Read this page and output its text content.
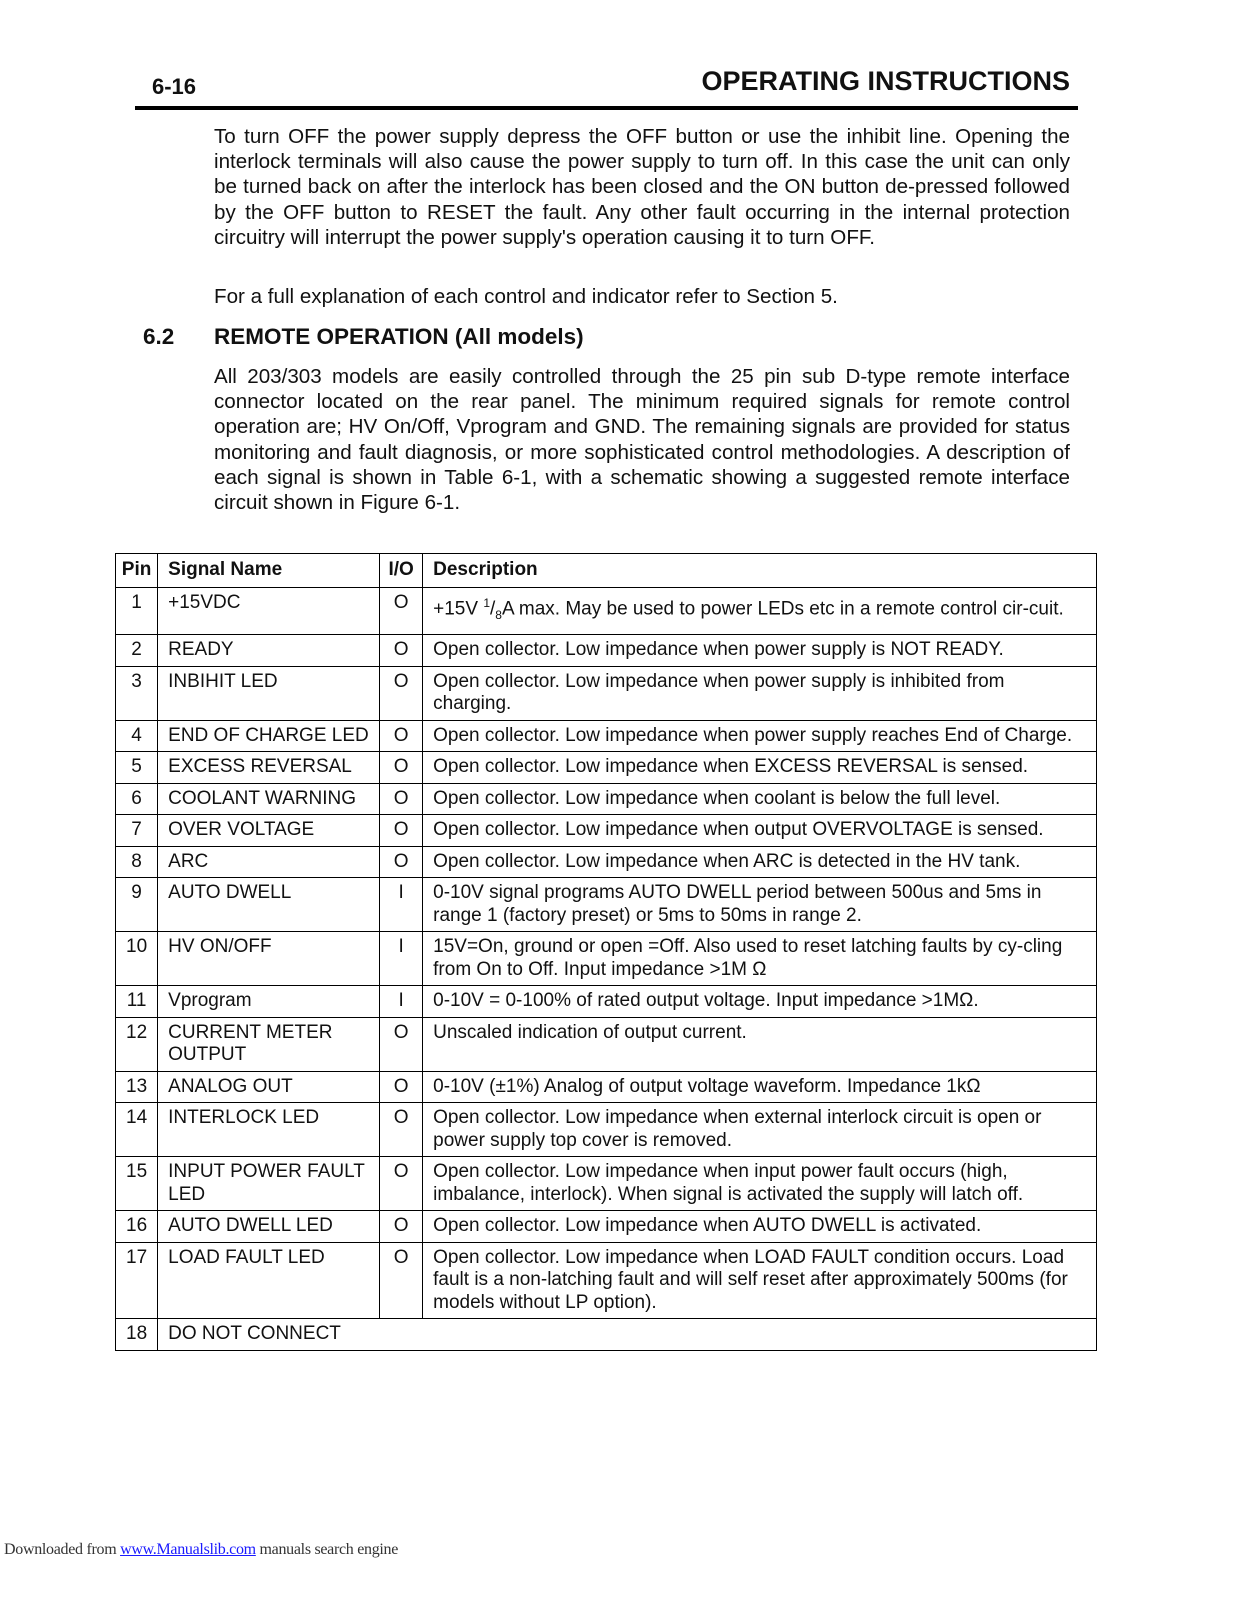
6-16	OPERATING INSTRUCTIONS

To turn OFF the power supply depress the OFF button or use the inhibit line. Opening the interlock terminals will also cause the power supply to turn off. In this case the unit can only be turned back on after the interlock has been closed and the ON button de-pressed followed by the OFF button to RESET the fault. Any other fault occurring in the internal protection circuitry will interrupt the power supply's operation causing it to turn OFF.

For a full explanation of each control and indicator refer to Section 5.

6.2 REMOTE OPERATION (All models)

All 203/303 models are easily controlled through the 25 pin sub D-type remote interface connector located on the rear panel. The minimum required signals for remote control operation are; HV On/Off, Vprogram and GND. The remaining signals are provided for status monitoring and fault diagnosis, or more sophisticated control methodologies. A description of each signal is shown in Table 6-1, with a schematic showing a suggested remote interface circuit shown in Figure 6-1.

Pin	Signal Name	I/O	Description
1	+15VDC	O	+15V $^1/_8A$ max. May be used to power LEDs etc in a remote control cir-cuit.
2	READY	O	Open collector. Low impedance when power supply is NOT READY.
3	INBIHIT LED	O	Open collector. Low impedance when power supply is inhibited from charging.
4	END OF CHARGE LED	O	Open collector. Low impedance when power supply reaches End of Charge.
5	EXCESS REVERSAL	O	Open collector. Low impedance when EXCESS REVERSAL is sensed.
6	COOLANT WARNING	O	Open collector. Low impedance when coolant is below the full level.
7	OVER VOLTAGE	O	Open collector. Low impedance when output OVERVOLTAGE is sensed.
8	ARC	O	Open collector. Low impedance when ARC is detected in the HV tank.
9	AUTO DWELL	I	0-10V signal programs AUTO DWELL period between 500us and 5ms in range 1 (factory preset) or 5ms to 50ms in range 2.
10	HV ON/OFF	I	15V=On, ground or open =Off. Also used to reset latching faults by cy-cling from On to Off. Input impedance >1M Ω
11	Vprogram	I	0-10V = 0-100% of rated output voltage. Input impedance >1MΩ.
12	CURRENT METER OUTPUT	O	Unscaled indication of output current.
13	ANALOG OUT	O	0-10V (±1%) Analog of output voltage waveform. Impedance 1kΩ
14	INTERLOCK LED	O	Open collector. Low impedance when external interlock circuit is open or power supply top cover is removed.
15	INPUT POWER FAULT LED	O	Open collector. Low impedance when input power fault occurs (high, imbalance, interlock). When signal is activated the supply will latch off.
16	AUTO DWELL LED	O	Open collector. Low impedance when AUTO DWELL is activated.
17	LOAD FAULT LED	O	Open collector. Low impedance when LOAD FAULT condition occurs. Load fault is a non-latching fault and will self reset after approximately 500ms (for models without LP option).
18	DO NOT CONNECT		
Downloaded from www.Manualslib.com manuals search engine
